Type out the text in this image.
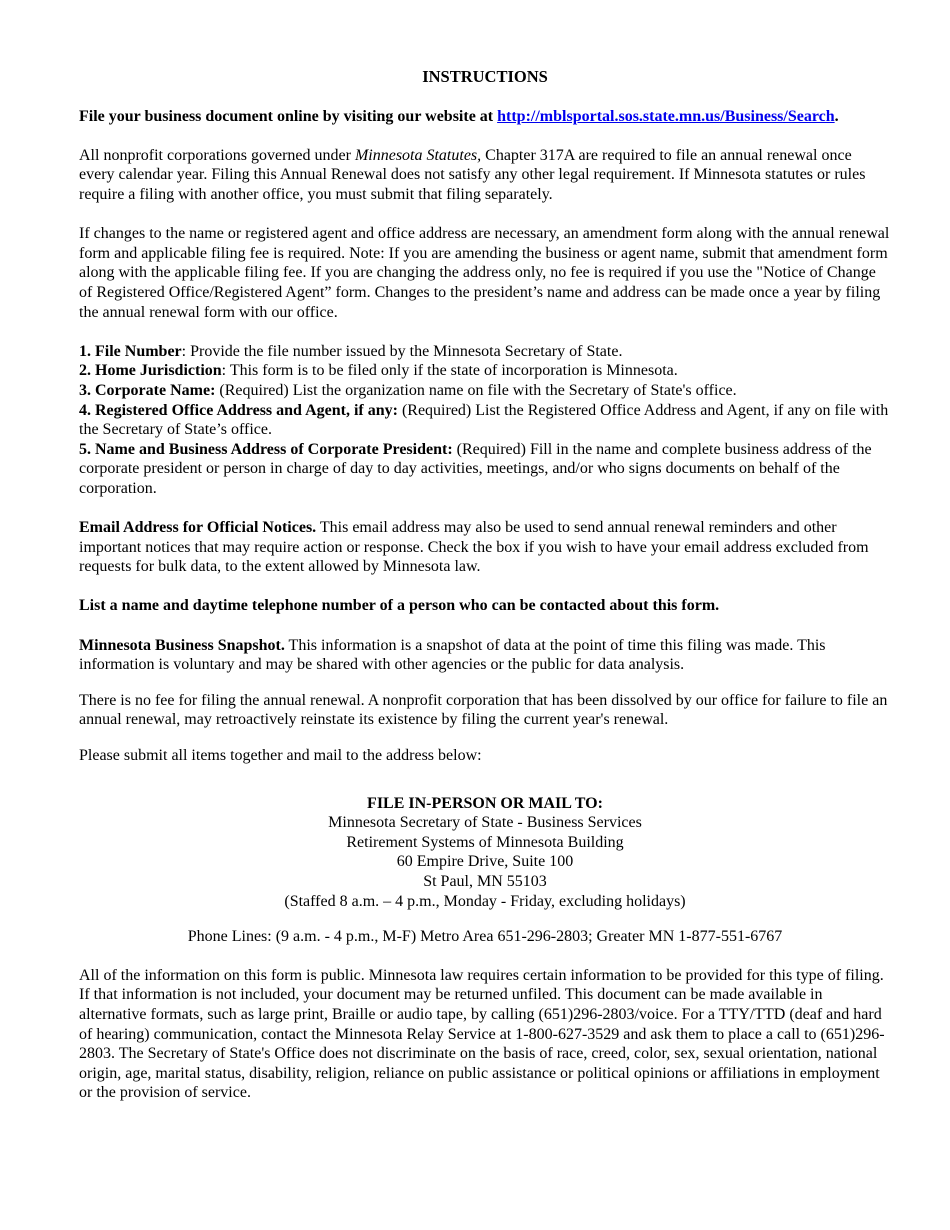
INSTRUCTIONS

File your business document online by visiting our website at http://mblsportal.sos.state.mn.us/Business/Search.

All nonprofit corporations governed under Minnesota Statutes, Chapter 317A are required to file an annual renewal once every calendar year. Filing this Annual Renewal does not satisfy any other legal requirement. If Minnesota statutes or rules require a filing with another office, you must submit that filing separately.

If changes to the name or registered agent and office address are necessary, an amendment form along with the annual renewal form and applicable filing fee is required. Note: If you are amending the business or agent name, submit that amendment form along with the applicable filing fee. If you are changing the address only, no fee is required if you use the "Notice of Change of Registered Office/Registered Agent” form. Changes to the president’s name and address can be made once a year by filing the annual renewal form with our office.

1. File Number: Provide the file number issued by the Minnesota Secretary of State.

2. Home Jurisdiction: This form is to be filed only if the state of incorporation is Minnesota.

3. Corporate Name: (Required) List the organization name on file with the Secretary of State's office.

4. Registered Office Address and Agent, if any: (Required) List the Registered Office Address and Agent, if any on file with the Secretary of State’s office.

5. Name and Business Address of Corporate President: (Required) Fill in the name and complete business address of the corporate president or person in charge of day to day activities, meetings, and/or who signs documents on behalf of the corporation.

Email Address for Official Notices. This email address may also be used to send annual renewal reminders and other important notices that may require action or response. Check the box if you wish to have your email address excluded from requests for bulk data, to the extent allowed by Minnesota law.

List a name and daytime telephone number of a person who can be contacted about this form.

Minnesota Business Snapshot. This information is a snapshot of data at the point of time this filing was made. This information is voluntary and may be shared with other agencies or the public for data analysis.

There is no fee for filing the annual renewal. A nonprofit corporation that has been dissolved by our office for failure to file an annual renewal, may retroactively reinstate its existence by filing the current year's renewal.

Please submit all items together and mail to the address below:

FILE IN-PERSON OR MAIL TO:
Minnesota Secretary of State - Business Services
Retirement Systems of Minnesota Building
60 Empire Drive, Suite 100
St Paul, MN 55103
(Staffed 8 a.m. – 4 p.m., Monday - Friday, excluding holidays)

Phone Lines: (9 a.m. - 4 p.m., M-F) Metro Area 651-296-2803; Greater MN 1-877-551-6767

All of the information on this form is public. Minnesota law requires certain information to be provided for this type of filing. If that information is not included, your document may be returned unfiled. This document can be made available in alternative formats, such as large print, Braille or audio tape, by calling (651)296-2803/voice. For a TTY/TTD (deaf and hard of hearing) communication, contact the Minnesota Relay Service at 1-800-627-3529 and ask them to place a call to (651)296-2803. The Secretary of State's Office does not discriminate on the basis of race, creed, color, sex, sexual orientation, national origin, age, marital status, disability, religion, reliance on public assistance or political opinions or affiliations in employment or the provision of service.
